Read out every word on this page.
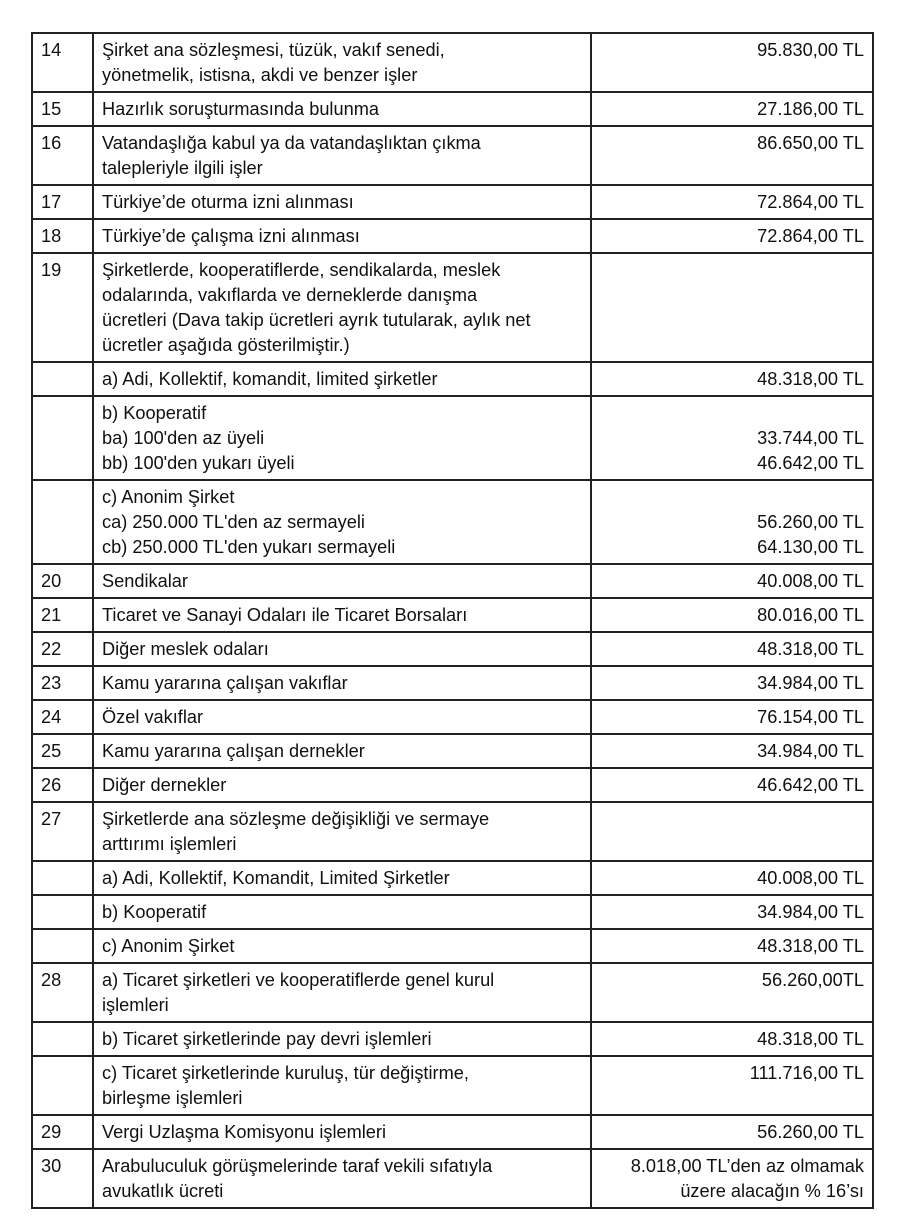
14	Şirket ana sözleşmesi, tüzük, vakıf senedi,
yönetmelik, istisna, akdi ve benzer işler	95.830,00 TL

15	Hazırlık soruşturmasında bulunma	27.186,00 TL

16	Vatandaşlığa kabul ya da vatandaşlıktan çıkma
talepleriyle ilgili işler	86.650,00 TL

17	Türkiye’de oturma izni alınması	72.864,00 TL

18	Türkiye’de çalışma izni alınması	72.864,00 TL

19	Şirketlerde, kooperatiflerde, sendikalarda, meslek
odalarında, vakıflarda ve derneklerde danışma
ücretleri (Dava takip ücretleri ayrık tutularak, aylık net
ücretler aşağıda gösterilmiştir.)	

	a) Adi, Kollektif, komandit, limited şirketler	48.318,00 TL

	b) Kooperatif
ba) 100'den az üyeli
bb) 100'den yukarı üyeli	33.744,00 TL
46.642,00 TL

	c) Anonim Şirket
ca) 250.000 TL'den az sermayeli
cb) 250.000 TL'den yukarı sermayeli	56.260,00 TL
64.130,00 TL

20	Sendikalar	40.008,00 TL

21	Ticaret ve Sanayi Odaları ile Ticaret Borsaları	80.016,00 TL

22	Diğer meslek odaları	48.318,00 TL

23	Kamu yararına çalışan vakıflar	34.984,00 TL

24	Özel vakıflar	76.154,00 TL

25	Kamu yararına çalışan dernekler	34.984,00 TL

26	Diğer dernekler	46.642,00 TL

27	Şirketlerde ana sözleşme değişikliği ve sermaye
arttırımı işlemleri	

	a) Adi, Kollektif, Komandit, Limited Şirketler	40.008,00 TL

	b) Kooperatif	34.984,00 TL

	c) Anonim Şirket	48.318,00 TL

28	a) Ticaret şirketleri ve kooperatiflerde genel kurul
işlemleri	56.260,00TL

	b) Ticaret şirketlerinde pay devri işlemleri	48.318,00 TL

	c) Ticaret şirketlerinde kuruluş, tür değiştirme,
birleşme işlemleri	111.716,00 TL

29	Vergi Uzlaşma Komisyonu işlemleri	56.260,00 TL

30	Arabuluculuk görüşmelerinde taraf vekili sıfatıyla
avukatlık ücreti	8.018,00 TL’den az olmamak
üzere alacağın % 16’sı
